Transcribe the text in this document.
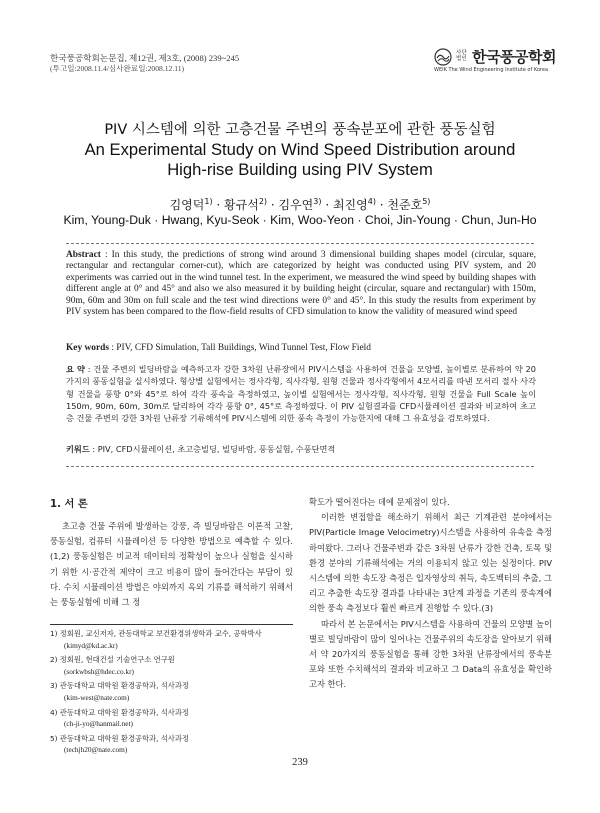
한국풍공학회논문집, 제12권, 제3호, (2008) 239~245
(투고일:2008.11.4/심사완료일:2008.12.11)
사단법인 한국풍공학회
WEIK The Wind Engineering Institute of Korea
PIV 시스템에 의한 고층건물 주변의 풍속분포에 관한 풍동실험
An Experimental Study on Wind Speed Distribution around
High-rise Building using PIV System
김영덕$^{1)}$ · 황규석$^{2)}$ · 김우연$^{3)}$ · 최진영$^{4)}$ · 천준호$^{5)}$
Kim, Young-Duk · Hwang, Kyu-Seok · Kim, Woo-Yeon · Choi, Jin-Young · Chun, Jun-Ho
Abstract : In this study, the predictions of strong wind around 3 dimensional building shapes model (circular, square, rectangular and rectangular corner-cut), which are categorized by height was conducted using PIV system, and 20 experiments was carried out in the wind tunnel test. In the experiment, we measured the wind speed by building shapes with different angle at 0° and 45° and also we also measured it by building height (circular, square and rectangular) with 150m, 90m, 60m and 30m on full scale and the test wind directions were 0° and 45°. In this study the results from experiment by PIV system has been compared to the flow-field results of CFD simulation to know the validity of measured wind speed
Key words : PIV, CFD Simulation, Tall Buildings, Wind Tunnel Test, Flow Field
요 약 : 건물 주변의 빌딩바람을 예측하고자 강한 3차원 난류장에서 PIV시스템을 사용하여 건물을 모양별, 높이별로 분류하여 약 20가지의 풍동실험을 실시하였다. 형상별 실험에서는 정사각형, 직사각형, 원형 건물과 정사각형에서 4모서리를 따낸 모서리 절사 사각형 건물을 풍향 0°와 45°로 하여 각각 풍속을 측정하였고, 높이별 실험에서는 정사각형, 직사각형, 원형 건물을 Full Scale 높이 150m, 90m, 60m, 30m로 달리하여 각각 풍향 0°, 45°로 측정하였다. 이 PIV 실험결과를 CFD시뮬레이션 결과와 비교하여 초고층 건물 주변의 강한 3차원 난류장 기류해석에 PIV시스템에 의한 풍속 측정이 가능한지에 대해 그 유효성을 검토하였다.
키워드 : PIV, CFD시뮬레이션, 초고층빌딩, 빌딩바람, 풍동실험, 수풍단면적
1. 서 론

초고층 건물 주위에 발생하는 강풍, 즉 빌딩바람은 이론적 고찰, 풍동실험, 컴퓨터 시뮬레이션 등 다양한 방법으로 예측할 수 있다.(1,2) 풍동실험은 비교적 데이터의 정확성이 높으나 실험을 실시하기 위한 시·공간적 제약이 크고 비용이 많이 들어간다는 부담이 있다. 수치 시뮬레이션 방법은 야외까지 옥외 기류를 해석하기 위해서는 풍동실험에 비해 그 정

1) 정회원, 교신저자, 관동대학교 보건환경위생학과 교수, 공학박사 (kimyd@kd.ac.kr)

2) 정회원, 현대건설 기술연구소 연구원
(sorkwbsh@hdec.co.kr)

3) 관동대학교 대학원 환경공학과, 석사과정
(kim-west@nate.com)

4) 관동대학교 대학원 환경공학과, 석사과정
(ch-ji-yo@hanmail.net)

5) 관동대학교 대학원 환경공학과, 석사과정
(techjh20@nate.com)

확도가 떨어진다는 데에 문제점이 있다.

이러한 변접함을 해소하기 위해서 최근 기계관련 분야에서는 PIV(Particle Image Velocimetry)시스템을 사용하여 유속을 측정하여왔다. 그러나 건물주변과 같은 3차원 난류가 강한 건축, 토목 및 환경 분야의 기류해석에는 거의 이용되지 않고 있는 실정이다. PIV시스템에 의한 속도장 측정은 입자영상의 취득, 속도벡터의 추출, 그리고 추출한 속도장 결과를 나타내는 3단계 과정을 기존의 풍속계에 의한 풍속 측정보다 훨씬 빠르게 진행할 수 있다.(3)

따라서 본 논문에서는 PIV시스템을 사용하여 건물의 모양별 높이별로 빌딩바람이 많이 일어나는 건물주위의 속도장을 알아보기 위해서 약 20가지의 풍동실험을 통해 강한 3차원 난류장에서의 풍속분포와 또한 수치해석의 결과와 비교하고 그 Data의 유효성을 확인하고자 한다.

239
